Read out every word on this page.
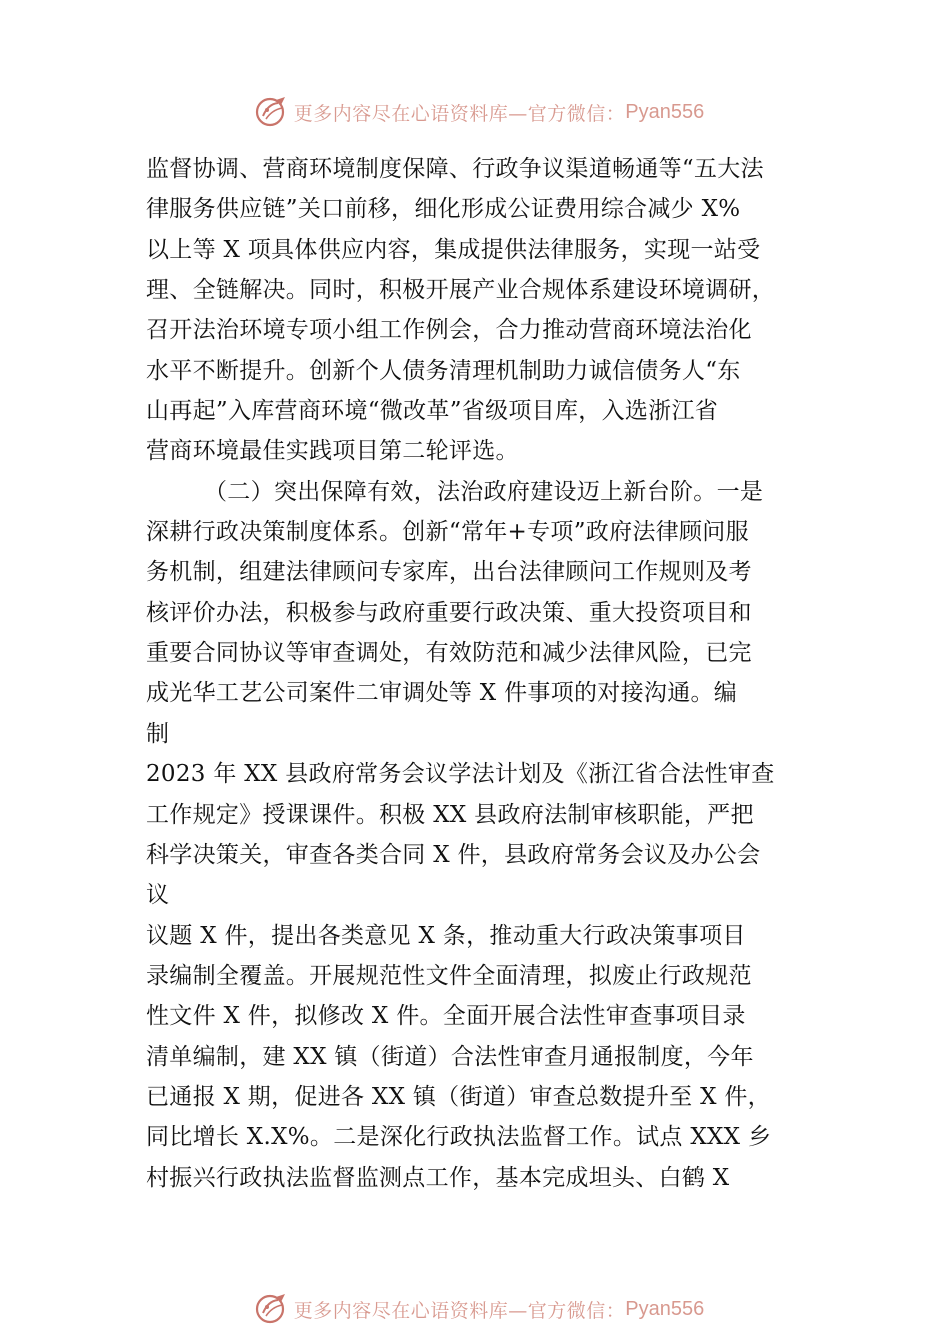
更多内容尽在心语资料库—官方微信： Pyan556
监督协调、营商环境制度保障、行政争议渠道畅通等“五大法
律服务供应链”关口前移，细化形成公证费用综合减少 X%
以上等 X 项具体供应内容，集成提供法律服务，实现一站受
理、全链解决。同时，积极开展产业合规体系建设环境调研，
召开法治环境专项小组工作例会，合力推动营商环境法治化
水平不断提升。创新个人债务清理机制助力诚信债务人“东
山再起”入库营商环境“微改革”省级项目库，入选浙江省
营商环境最佳实践项目第二轮评选。
（二）突出保障有效，法治政府建设迈上新台阶。一是
深耕行政决策制度体系。创新“常年+专项”政府法律顾问服
务机制，组建法律顾问专家库，出台法律顾问工作规则及考
核评价办法，积极参与政府重要行政决策、重大投资项目和
重要合同协议等审查调处，有效防范和减少法律风险，已完
成光华工艺公司案件二审调处等 X 件事项的对接沟通。编
制
2023 年 XX 县政府常务会议学法计划及《浙江省合法性审查
工作规定》授课课件。积极 XX 县政府法制审核职能，严把
科学决策关，审查各类合同 X 件，县政府常务会议及办公会
议
议题 X 件，提出各类意见 X 条，推动重大行政决策事项目
录编制全覆盖。开展规范性文件全面清理，拟废止行政规范
性文件 X 件，拟修改 X 件。全面开展合法性审查事项目录
清单编制，建 XX 镇（街道）合法性审查月通报制度，今年
已通报 X 期，促进各 XX 镇（街道）审查总数提升至 X 件，
同比增长 X.X%。二是深化行政执法监督工作。试点 XXX 乡
村振兴行政执法监督监测点工作，基本完成坦头、白鹤 X
更多内容尽在心语资料库—官方微信： Pyan556
